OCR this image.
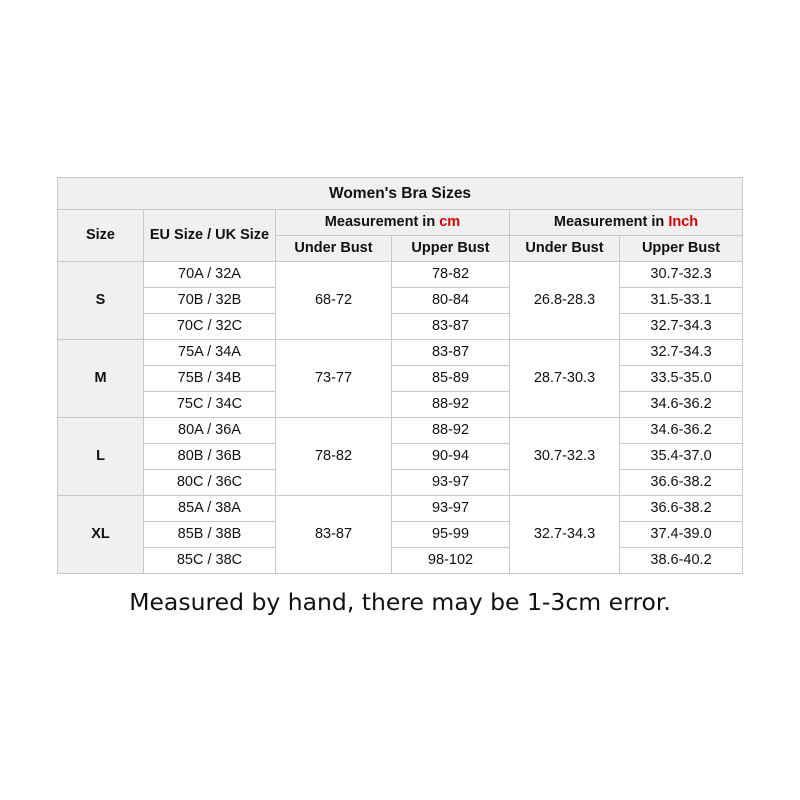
Women's Bra Sizes					
Size	EU Size / UK Size	Measurement in cm		Measurement in Inch	
		Under Bust	Upper Bust	Under Bust	Upper Bust
S	70A / 32A	68-72	78-82	26.8-28.3	30.7-32.3
	70B / 32B		80-84		31.5-33.1
	70C / 32C		83-87		32.7-34.3
M	75A / 34A	73-77	83-87	28.7-30.3	32.7-34.3
	75B / 34B		85-89		33.5-35.0
	75C / 34C		88-92		34.6-36.2
L	80A / 36A	78-82	88-92	30.7-32.3	34.6-36.2
	80B / 36B		90-94		35.4-37.0
	80C / 36C		93-97		36.6-38.2
XL	85A / 38A	83-87	93-97	32.7-34.3	36.6-38.2
	85B / 38B		95-99		37.4-39.0
	85C / 38C		98-102		38.6-40.2
Measured by hand, there may be 1-3cm error.
